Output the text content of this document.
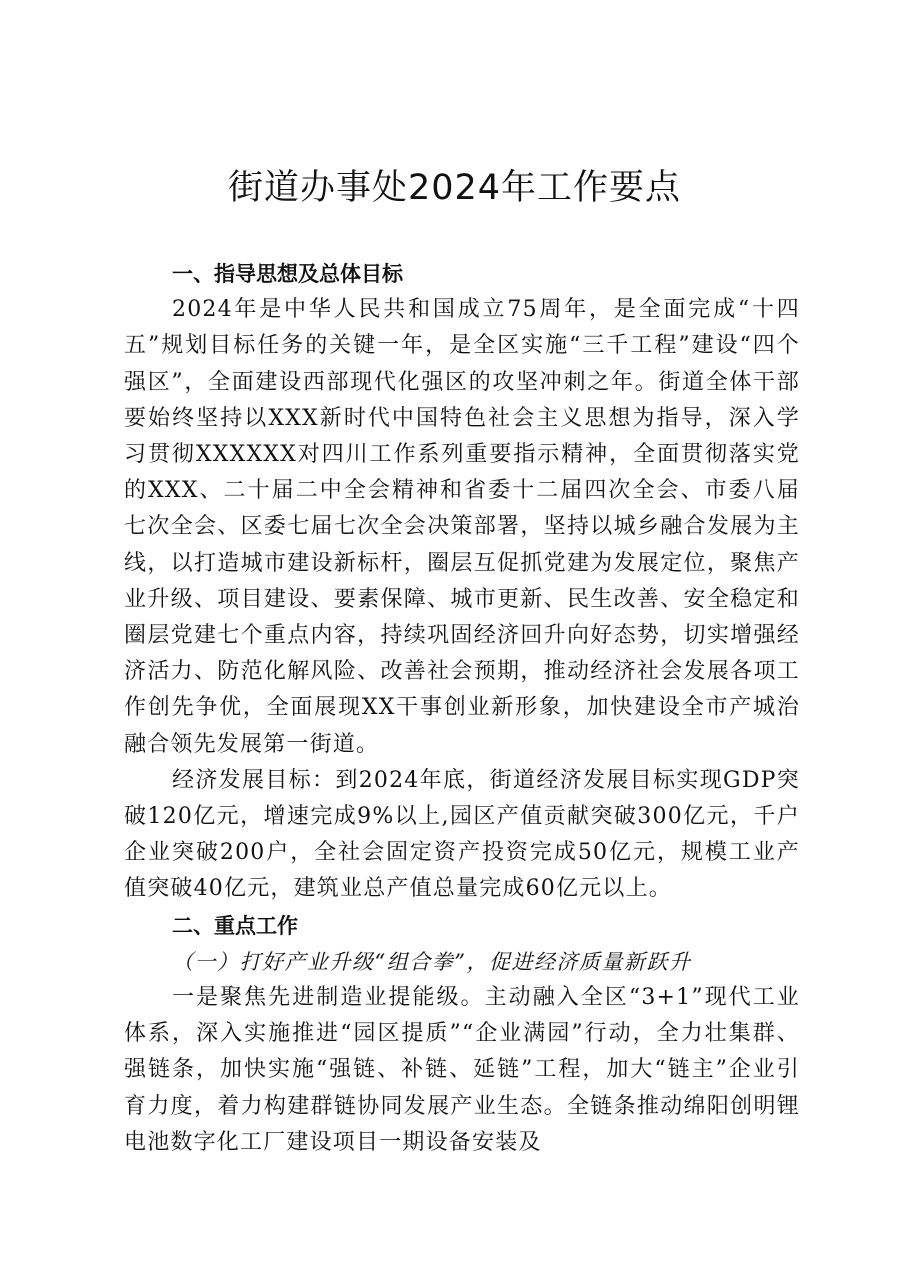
街道办事处2024年工作要点

一、指导思想及总体目标

2024年是中华人民共和国成立75周年，是全面完成“十四五”规划目标任务的关键一年，是全区实施“三千工程”建设“四个强区”，全面建设西部现代化强区的攻坚冲刺之年。街道全体干部要始终坚持以XXX新时代中国特色社会主义思想为指导，深入学习贯彻XXXXXX对四川工作系列重要指示精神，全面贯彻落实党的XXX、二十届二中全会精神和省委十二届四次全会、市委八届七次全会、区委七届七次全会决策部署，坚持以城乡融合发展为主线，以打造城市建设新标杆，圈层互促抓党建为发展定位，聚焦产业升级、项目建设、要素保障、城市更新、民生改善、安全稳定和圈层党建七个重点内容，持续巩固经济回升向好态势，切实增强经济活力、防范化解风险、改善社会预期，推动经济社会发展各项工作创先争优，全面展现XX干事创业新形象，加快建设全市产城治融合领先发展第一街道。

经济发展目标：到2024年底，街道经济发展目标实现GDP突破120亿元，增速完成9%以上,园区产值贡献突破300亿元，千户企业突破200户，全社会固定资产投资完成50亿元，规模工业产值突破40亿元，建筑业总产值总量完成60亿元以上。

二、重点工作

（一）打好产业升级“组合拳”，促进经济质量新跃升

一是聚焦先进制造业提能级。主动融入全区“3+1”现代工业体系，深入实施推进“园区提质”“企业满园”行动，全力壮集群、强链条，加快实施“强链、补链、延链”工程，加大“链主”企业引育力度，着力构建群链协同发展产业生态。全链条推动绵阳创明锂电池数字化工厂建设项目一期设备安装及
